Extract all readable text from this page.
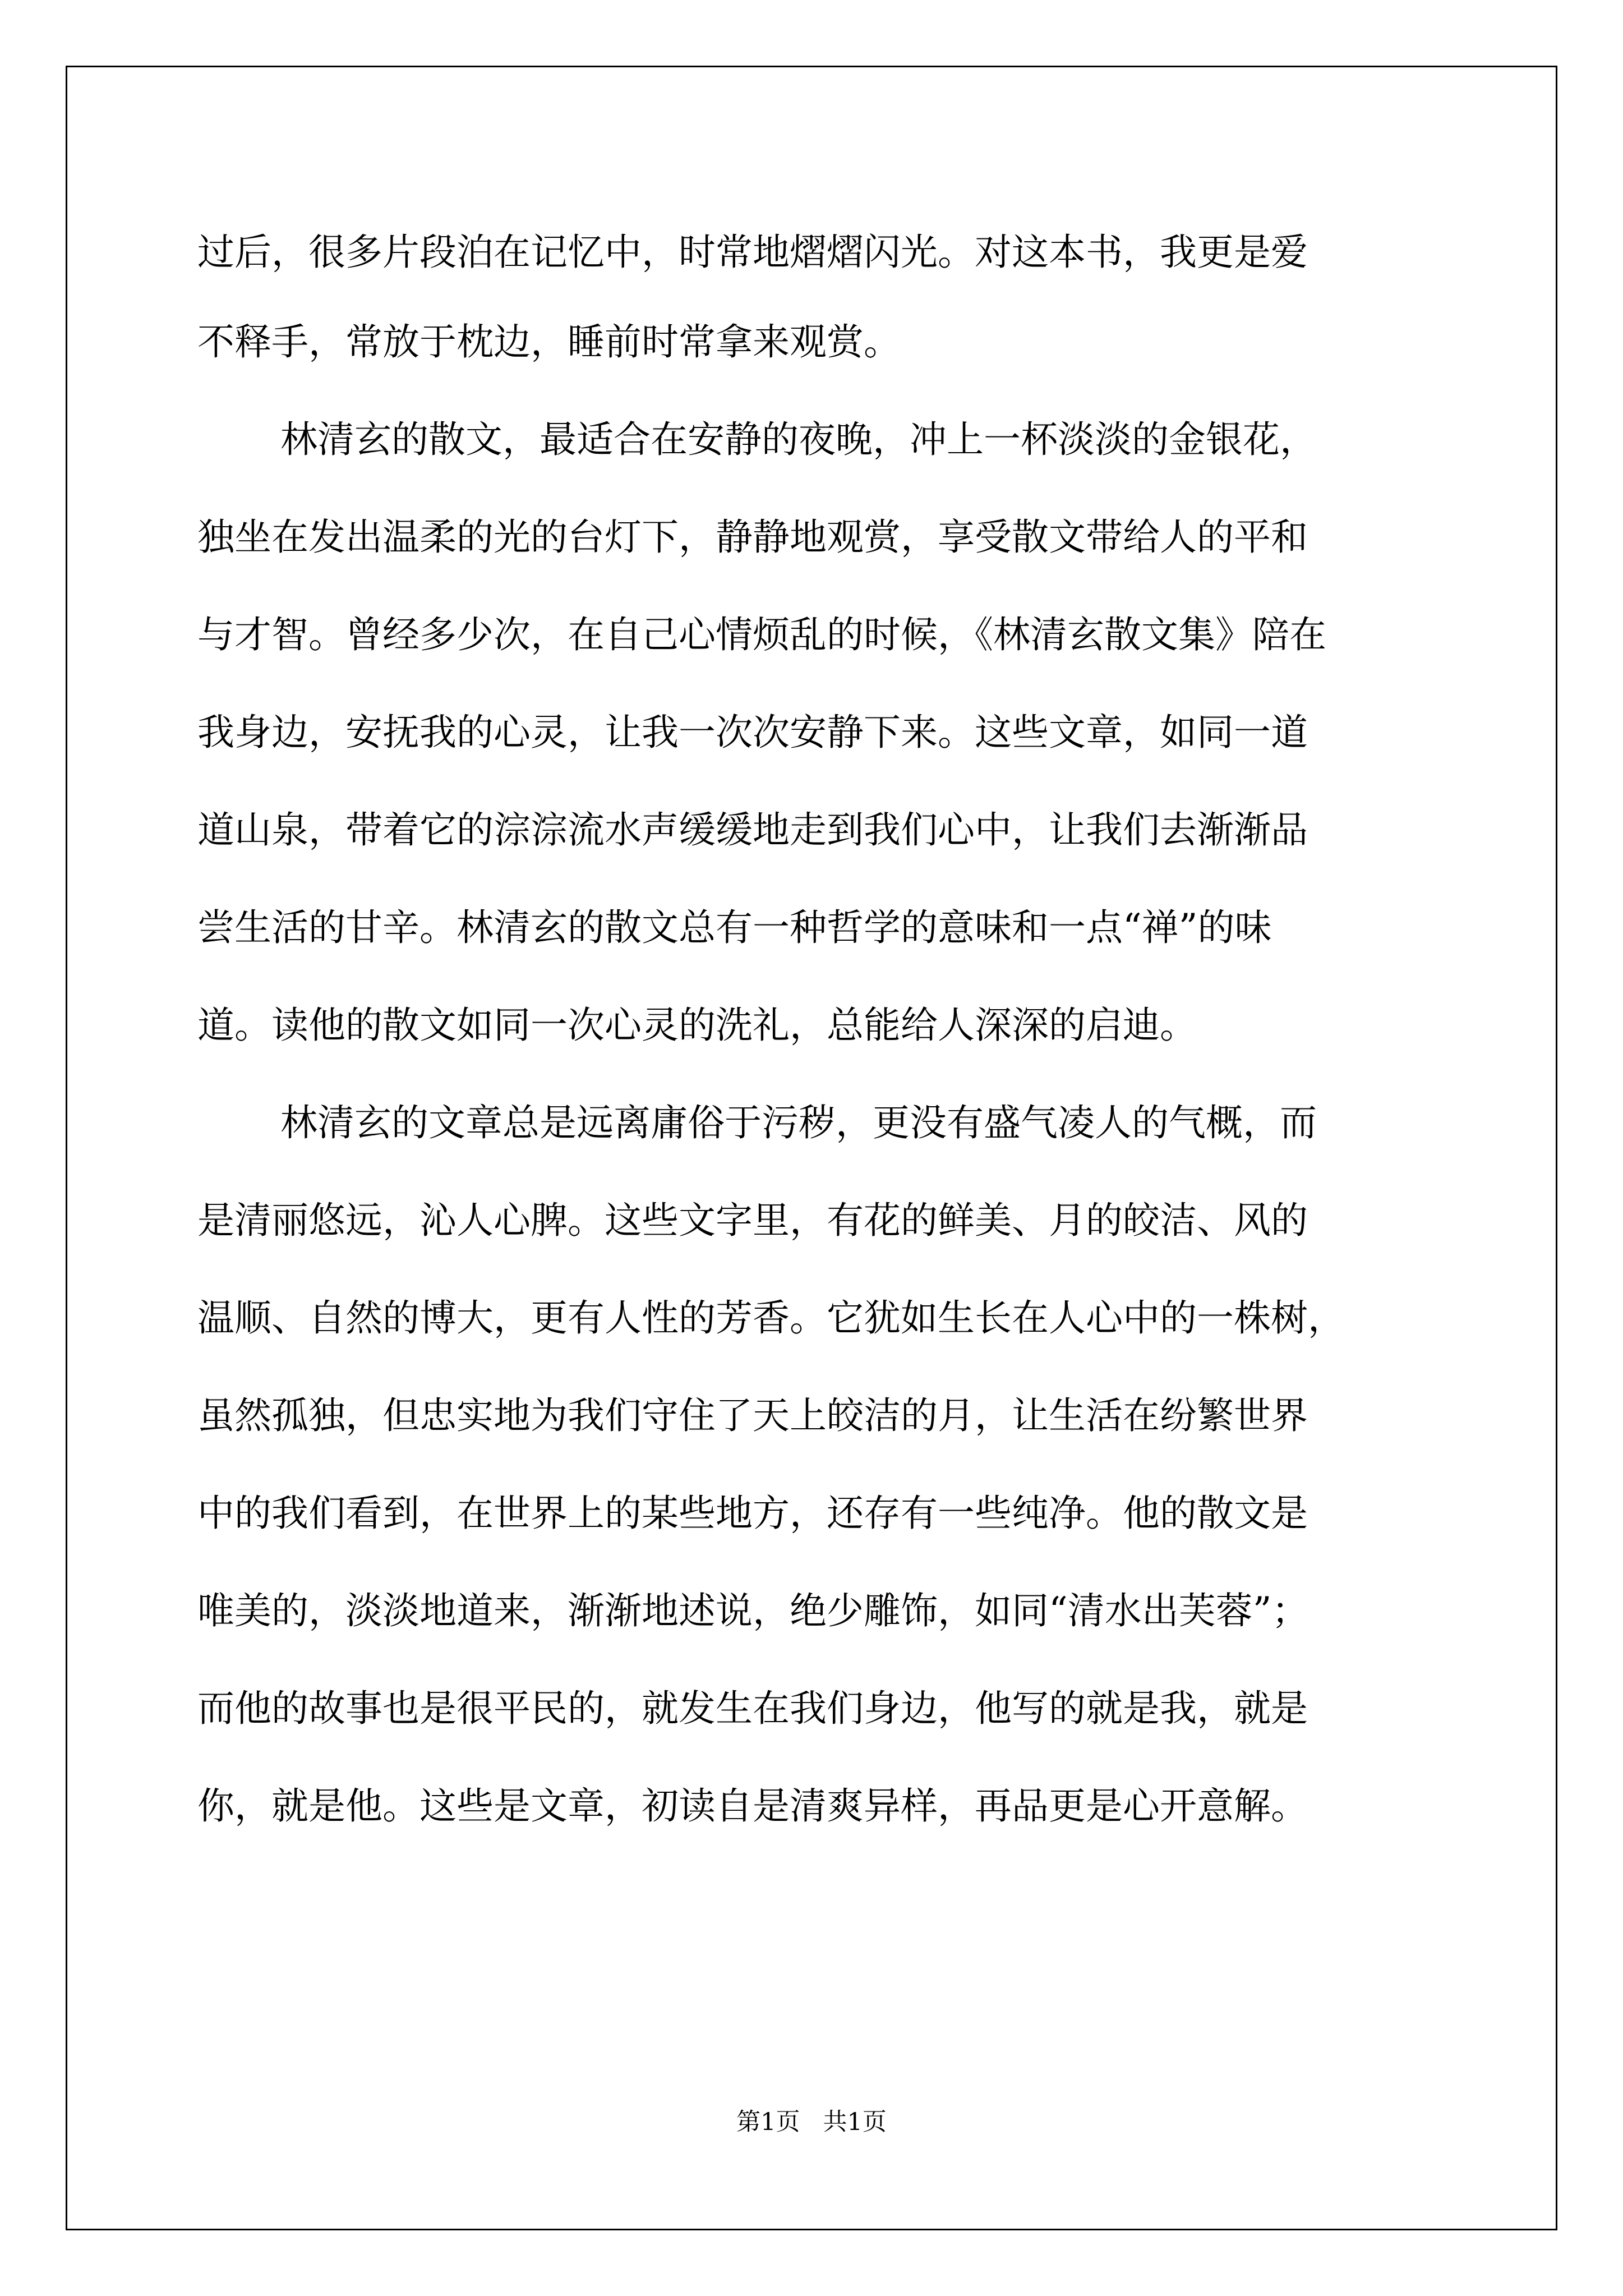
过后，很多片段泊在记忆中，时常地熠熠闪光。对这本书，我更是爱
不释手，常放于枕边，睡前时常拿来观赏。
林清玄的散文，最适合在安静的夜晚，冲上一杯淡淡的金银花，
独坐在发出温柔的光的台灯下，静静地观赏，享受散文带给人的平和
与才智。曾经多少次，在自己心情烦乱的时候，《林清玄散文集》陪在
我身边，安抚我的心灵，让我一次次安静下来。这些文章，如同一道
道山泉，带着它的淙淙流水声缓缓地走到我们心中，让我们去渐渐品
尝生活的甘辛。林清玄的散文总有一种哲学的意味和一点“禅”的味
道。读他的散文如同一次心灵的洗礼，总能给人深深的启迪。
林清玄的文章总是远离庸俗于污秽，更没有盛气凌人的气概，而
是清丽悠远，沁人心脾。这些文字里，有花的鲜美、月的皎洁、风的
温顺、自然的博大，更有人性的芳香。它犹如生长在人心中的一株树，
虽然孤独，但忠实地为我们守住了天上皎洁的月，让生活在纷繁世界
中的我们看到，在世界上的某些地方，还存有一些纯净。他的散文是
唯美的，淡淡地道来，渐渐地述说，绝少雕饰，如同“清水出芙蓉”；
而他的故事也是很平民的，就发生在我们身边，他写的就是我，就是
你，就是他。这些是文章，初读自是清爽异样，再品更是心开意解。
第1页   共1页
